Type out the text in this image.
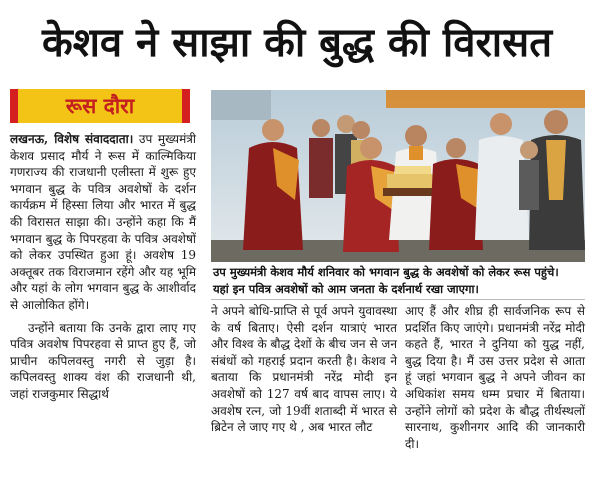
केशव ने साझा की बुद्ध की विरासत
रूस दौरा

लखनऊ, विशेष संवाददाता। उप मुख्यमंत्री केशव प्रसाद मौर्य ने रूस में काल्मिकिया गणराज्य की राजधानी एलीस्ता में शुरू हुए भगवान बुद्ध के पवित्र अवशेषों के दर्शन कार्यक्रम में हिस्सा लिया और भारत में बुद्ध की विरासत साझा की। उन्होंने कहा कि मैं भगवान बुद्ध के पिपरहवा के पवित्र अवशेषों को लेकर उपस्थित हुआ हूं। अवशेष 19 अक्तूबर तक विराजमान रहेंगे और यह भूमि और यहां के लोग भगवान बुद्ध के आशीर्वाद से आलोकित होंगे।

उन्होंने बताया कि उनके द्वारा लाए गए पवित्र अवशेष पिपरहवा से प्राप्त हुए हैं, जो प्राचीन कपिलवस्तु नगरी से जुड़ा है। कपिलवस्तु शाक्य वंश की राजधानी थी, जहां राजकुमार सिद्धार्थ

उप मुख्यमंत्री केशव मौर्य शनिवार को भगवान बुद्ध के अवशेषों को लेकर रूस पहुंचे।
यहां इन पवित्र अवशेषों को आम जनता के दर्शनार्थ रखा जाएगा।

ने अपने बोधि-प्राप्ति से पूर्व अपने युवावस्था के वर्ष बिताए। ऐसी दर्शन यात्राएं भारत और विश्व के बौद्ध देशों के बीच जन से जन संबंधों को गहराई प्रदान करती है। केशव ने बताया कि प्रधानमंत्री नरेंद्र मोदी इन अवशेषों को 127 वर्ष बाद वापस लाए। ये अवशेष रत्न, जो 19वीं शताब्दी में भारत से ब्रिटेन ले जाए गए थे , अब भारत लौट

आए हैं और शीघ्र ही सार्वजनिक रूप से प्रदर्शित किए जाएंगे। प्रधानमंत्री नरेंद्र मोदी कहते हैं, भारत ने दुनिया को युद्ध नहीं, बुद्ध दिया है। मैं उस उत्तर प्रदेश से आता हूं जहां भगवान बुद्ध ने अपने जीवन का अधिकांश समय धम्म प्रचार में बिताया। उन्होंने लोगों को प्रदेश के बौद्ध तीर्थस्थलों सारनाथ, कुशीनगर आदि की जानकारी दी।
